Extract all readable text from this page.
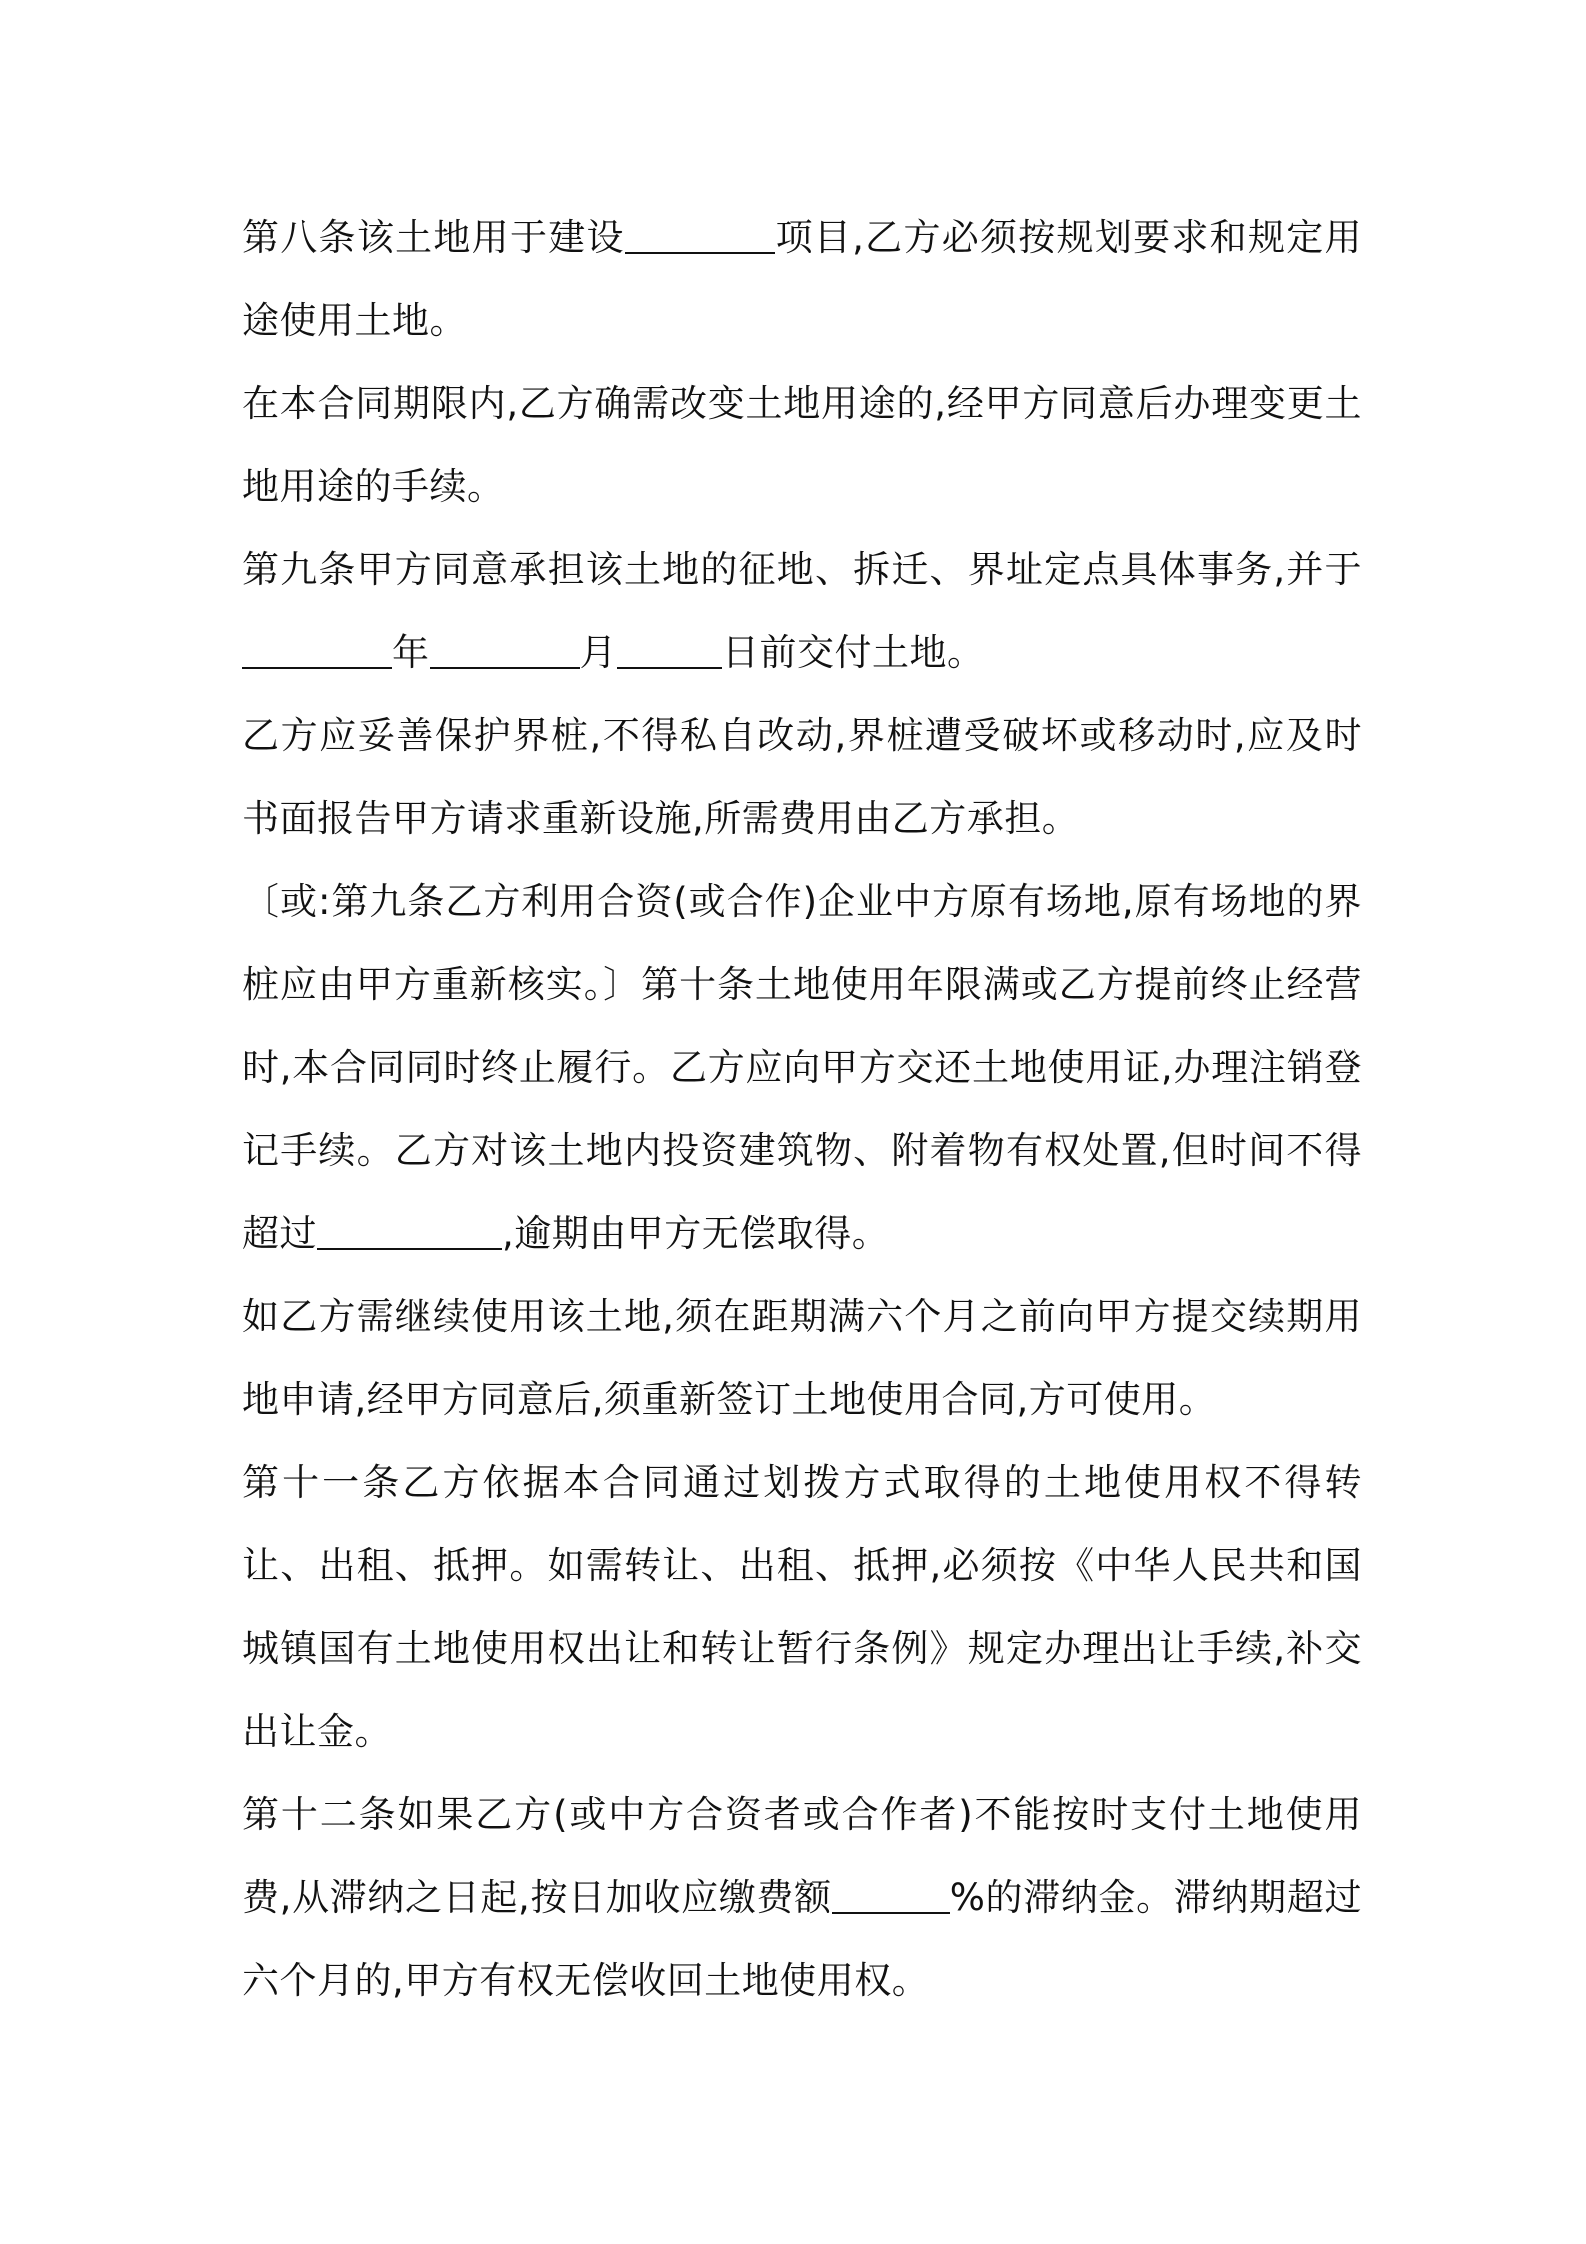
第八条该土地用于建设	项目,乙方必须按规划要求和规定用途使用土地。

在本合同期限内,乙方确需改变土地用途的,经甲方同意后办理变更土地用途的手续。

第九条甲方同意承担该土地的征地、拆迁、界址定点具体事务,并于年	月	日前交付土地。

乙方应妥善保护界桩,不得私自改动,界桩遭受破坏或移动时,应及时书面报告甲方请求重新设施,所需费用由乙方承担。

〔或:第九条乙方利用合资(或合作)企业中方原有场地,原有场地的界桩应由甲方重新核实。〕第十条土地使用年限满或乙方提前终止经营时,本合同同时终止履行。乙方应向甲方交还土地使用证,办理注销登记手续。乙方对该土地内投资建筑物、附着物有权处置,但时间不得超过	,逾期由甲方无偿取得。

如乙方需继续使用该土地,须在距期满六个月之前向甲方提交续期用地申请,经甲方同意后,须重新签订土地使用合同,方可使用。

第十一条乙方依据本合同通过划拨方式取得的土地使用权不得转让、出租、抵押。如需转让、出租、抵押,必须按《中华人民共和国城镇国有土地使用权出让和转让暂行条例》规定办理出让手续,补交出让金。

第十二条如果乙方(或中方合资者或合作者)不能按时支付土地使用费,从滞纳之日起,按日加收应缴费额	%的滞纳金。滞纳期超过六个月的,甲方有权无偿收回土地使用权。
